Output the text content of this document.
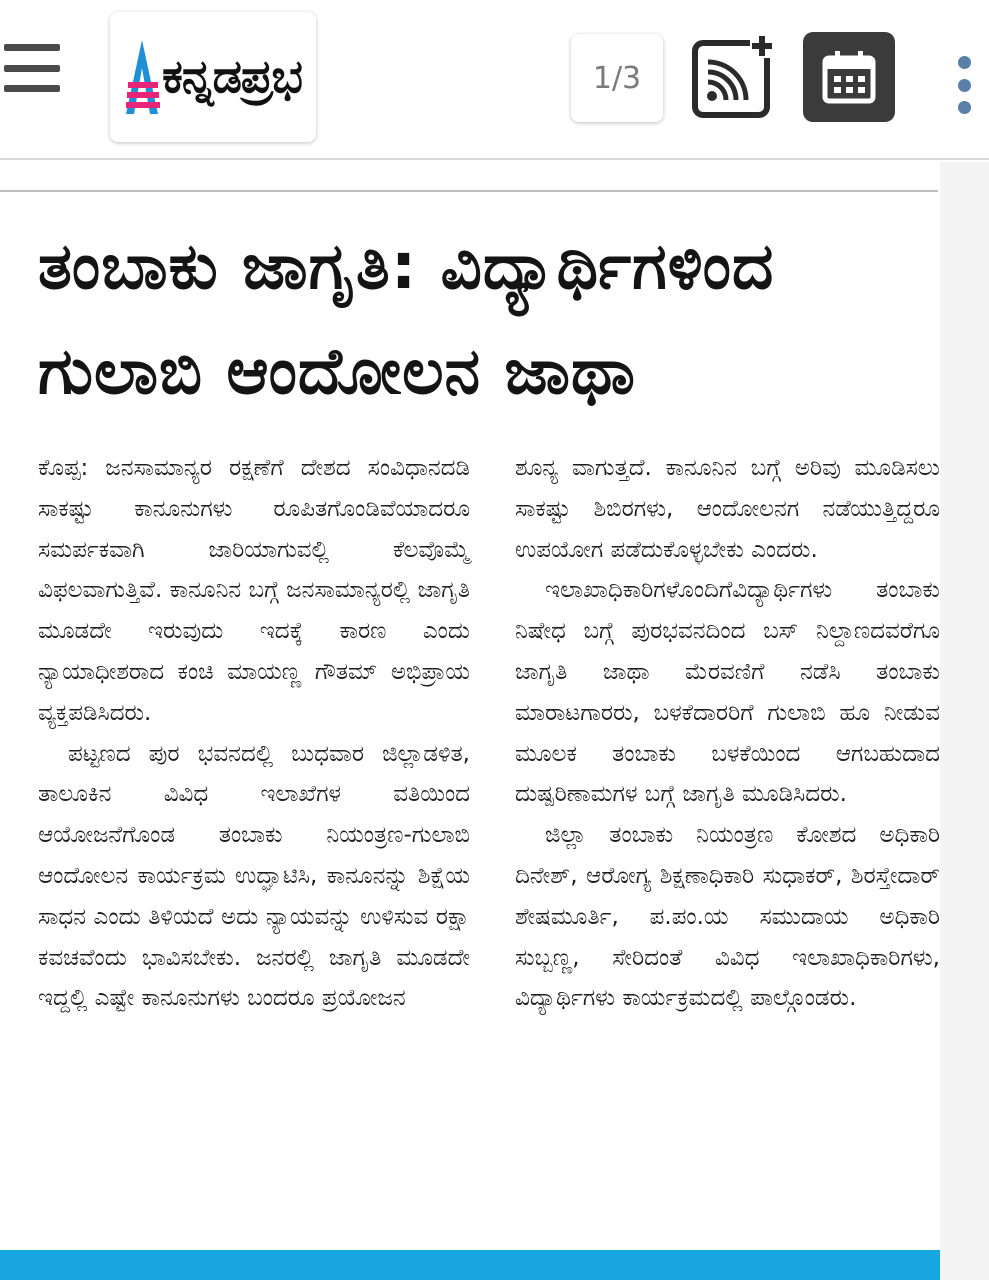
ಕನ್ನಡಪ್ರಭ	1/3
ತಂಬಾಕು ಜಾಗೃತಿ: ವಿದ್ಯಾರ್ಥಿಗಳಿಂದ ಗುಲಾಬಿ ಆಂದೋಲನ ಜಾಥಾ

ಕೊಪ್ಪ: ಜನಸಾಮಾನ್ಯರ ರಕ್ಷಣೆಗೆ ದೇಶದ ಸಂವಿಧಾನದಡಿ ಸಾಕಷ್ಟು ಕಾನೂನುಗಳು ರೂಪಿತಗೊಂಡಿವೆಯಾದರೂ ಸಮರ್ಪಕವಾಗಿ ಜಾರಿಯಾಗುವಲ್ಲಿ ಕೆಲವೊಮ್ಮೆ ವಿಫಲವಾಗುತ್ತಿವೆ. ಕಾನೂನಿನ ಬಗ್ಗೆ ಜನಸಾಮಾನ್ಯರಲ್ಲಿ ಜಾಗೃತಿ ಮೂಡದೇ ಇರುವುದು ಇದಕ್ಕೆ ಕಾರಣ ಎಂದು ನ್ಯಾಯಾಧೀಶರಾದ ಕಂಚಿ ಮಾಯಣ್ಣ ಗೌತಮ್ ಅಭಿಪ್ರಾಯ ವ್ಯಕ್ತಪಡಿಸಿದರು.

ಪಟ್ಟಣದ ಪುರ ಭವನದಲ್ಲಿ ಬುಧವಾರ ಜಿಲ್ಲಾಡಳಿತ, ತಾಲೂಕಿನ ವಿವಿಧ ಇಲಾಖೆಗಳ ವತಿಯಿಂದ ಆಯೋಜನೆಗೊಂಡ ತಂಬಾಕು ನಿಯಂತ್ರಣ-ಗುಲಾಬಿ ಆಂದೋಲನ ಕಾರ್ಯಕ್ರಮ ಉದ್ಘಾಟಿಸಿ, ಕಾನೂನನ್ನು ಶಿಕ್ಷೆಯ ಸಾಧನ ಎಂದು ತಿಳಿಯದೆ ಅದು ನ್ಯಾಯವನ್ನು ಉಳಿಸುವ ರಕ್ಷಾ ಕವಚವೆಂದು ಭಾವಿಸಬೇಕು. ಜನರಲ್ಲಿ ಜಾಗೃತಿ ಮೂಡದೇ ಇದ್ದಲ್ಲಿ ಎಷ್ಟೇ ಕಾನೂನುಗಳು ಬಂದರೂ ಪ್ರಯೋಜನ

ಶೂನ್ಯ ವಾಗುತ್ತದೆ. ಕಾನೂನಿನ ಬಗ್ಗೆ ಅರಿವು ಮೂಡಿಸಲು ಸಾಕಷ್ಟು ಶಿಬಿರಗಳು, ಆಂದೋಲನಗ ನಡೆಯುತ್ತಿದ್ದರೂ ಉಪಯೋಗ ಪಡೆದುಕೊಳ್ಳಬೇಕು ಎಂದರು.

ಇಲಾಖಾಧಿಕಾರಿಗಳೊಂದಿಗೆವಿದ್ಯಾರ್ಥಿಗಳು ತಂಬಾಕು ನಿಷೇಧ ಬಗ್ಗೆ ಪುರಭವನದಿಂದ ಬಸ್ ನಿಲ್ದಾಣದವರೆಗೂ ಜಾಗೃತಿ ಜಾಥಾ ಮೆರವಣಿಗೆ ನಡೆಸಿ ತಂಬಾಕು ಮಾರಾಟಗಾರರು, ಬಳಕೆದಾರರಿಗೆ ಗುಲಾಬಿ ಹೂ ನೀಡುವ ಮೂಲಕ ತಂಬಾಕು ಬಳಕೆಯಿಂದ ಆಗಬಹುದಾದ ದುಷ್ಪರಿಣಾಮಗಳ ಬಗ್ಗೆ ಜಾಗೃತಿ ಮೂಡಿಸಿದರು.

ಜಿಲ್ಲಾ ತಂಬಾಕು ನಿಯಂತ್ರಣ ಕೋಶದ ಅಧಿಕಾರಿ ದಿನೇಶ್, ಆರೋಗ್ಯ ಶಿಕ್ಷಣಾಧಿಕಾರಿ ಸುಧಾಕರ್, ಶಿರಸ್ತೇದಾರ್ ಶೇಷಮೂರ್ತಿ, ಪ.ಪಂ.ಯ ಸಮುದಾಯ ಅಧಿಕಾರಿ ಸುಬ್ಬಣ್ಣ, ಸೇರಿದಂತೆ ವಿವಿಧ ಇಲಾಖಾಧಿಕಾರಿಗಳು, ವಿದ್ಯಾರ್ಥಿಗಳು ಕಾರ್ಯಕ್ರಮದಲ್ಲಿ ಪಾಲ್ಗೊಂಡರು.
